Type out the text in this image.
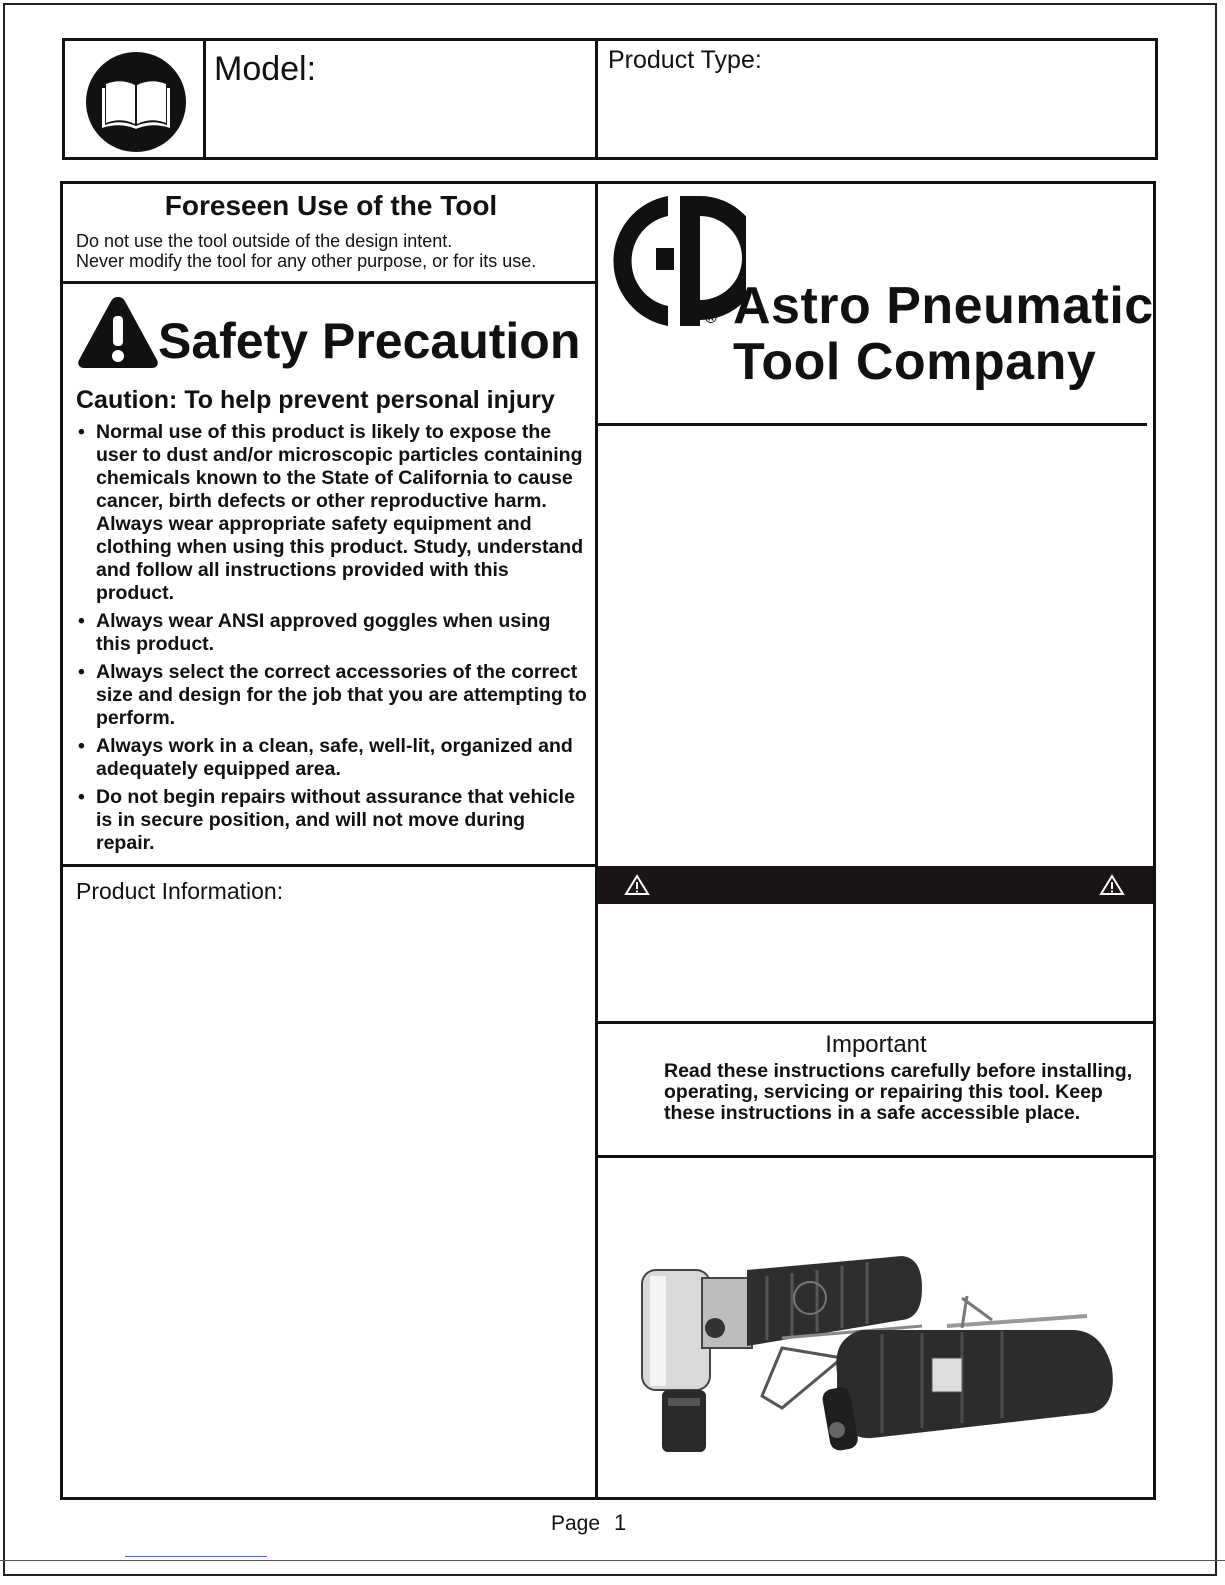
Model:	Product Type:
Foreseen Use of the Tool
Do not use the tool outside of the design intent.
Never modify the tool for any other purpose, or for its use.
Safety Precaution
Caution: To help prevent personal injury
• Normal use of this product is likely to expose the user to dust and/or microscopic particles containing chemicals known to the State of California to cause cancer, birth defects or other reproductive harm. Always wear appropriate safety equipment and clothing when using this product. Study, understand and follow all instructions provided with this product.
• Always wear ANSI approved goggles when using this product.
• Always select the correct accessories of the correct size and design for the job that you are attempting to perform.
• Always work in a clean, safe, well-lit, organized and adequately equipped area.
• Do not begin repairs without assurance that vehicle is in secure position, and will not move during repair.
® Astro Pneumatic
Tool Company
Product Information:
Important
Read these instructions carefully before installing, operating, servicing or repairing this tool. Keep these instructions in a safe accessible place.
Page 1
